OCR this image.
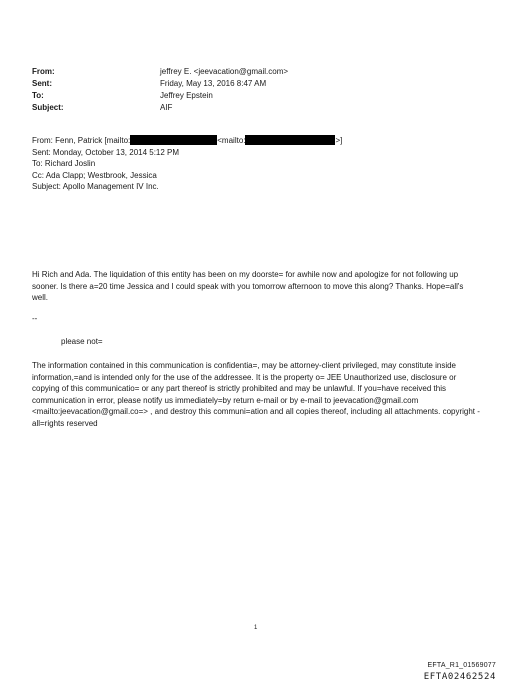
From:	jeffrey E. <jeevacation@gmail.com>
Sent:	Friday, May 13, 2016 8:47 AM
To:	Jeffrey Epstein
Subject:	AIF
From: Fenn, Patrick [mailto:	<mailto:	>]
Sent: Monday, October 13, 2014 5:12 PM
To: Richard Joslin
Cc: Ada Clapp; Westbrook, Jessica
Subject: Apollo Management IV Inc.
Hi Rich and Ada. The liquidation of this entity has been on my doorste= for awhile now and apologize for not following up sooner. Is there a=20 time Jessica and I could speak with you tomorrow afternoon to move this along? Thanks. Hope=all's well.
--
please not=
The information contained in this communication is confidentia=, may be attorney-client privileged, may constitute inside information,=and is intended only for the use of the addressee. It is the property o= JEE Unauthorized use, disclosure or copying of this communicatio= or any part thereof is strictly prohibited and may be unlawful. If you=have received this communication in error, please notify us immediately=by return e-mail or by e-mail to jeevacation@gmail.com <mailto:jeevacation@gmail.co=> , and destroy this communi=ation and all copies thereof, including all attachments. copyright -all=rights reserved
1
EFTA_R1_01569077
EFTA02462524
